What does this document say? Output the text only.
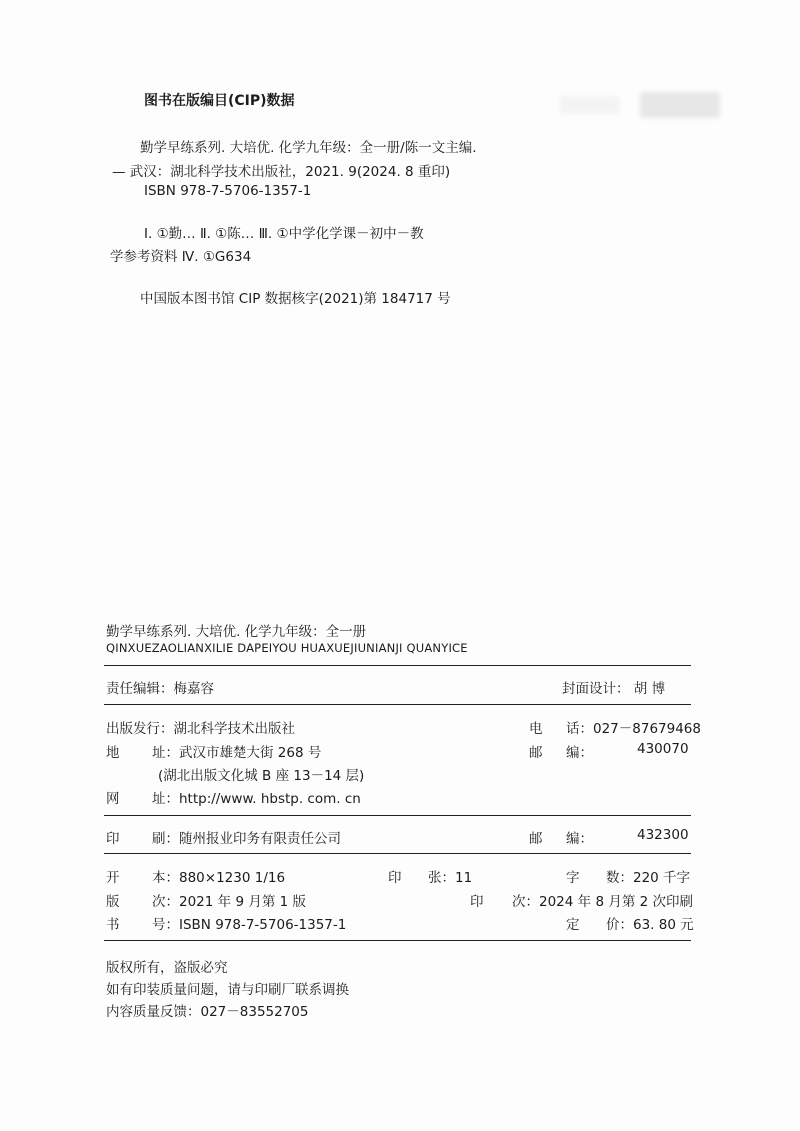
图书在版编目(CIP)数据
勤学早练系列. 大培优. 化学九年级：全一册/陈一文主编.
— 武汉：湖北科学技术出版社，2021. 9(2024. 8 重印)
ISBN 978-7-5706-1357-1
Ⅰ. ①勤… Ⅱ. ①陈… Ⅲ. ①中学化学课－初中－教
学参考资料 Ⅳ. ①G634
中国版本图书馆 CIP 数据核字(2021)第 184717 号
勤学早练系列. 大培优. 化学九年级：全一册
QINXUEZAOLIANXILIE DAPEIYOU HUAXUEJIUNIANJI QUANYICE
责任编辑：梅嘉容	封面设计： 胡 博
出版发行：湖北科学技术出版社	电 话：027－87679468
地 址：武汉市雄楚大街 268 号	邮 编：	430070
(湖北出版文化城 B 座 13－14 层)
网 址：http://www. hbstp. com. cn
印 刷：随州报业印务有限责任公司	邮 编：	432300
开 本：880×1230 1/16	印 张：11	字 数：220 千字
版 次：2021 年 9 月第 1 版	印 次：2024 年 8 月第 2 次印刷
书 号：ISBN 978-7-5706-1357-1	定 价：63. 80 元
版权所有，盗版必究
如有印装质量问题，请与印刷厂联系调换
内容质量反馈：027－83552705
